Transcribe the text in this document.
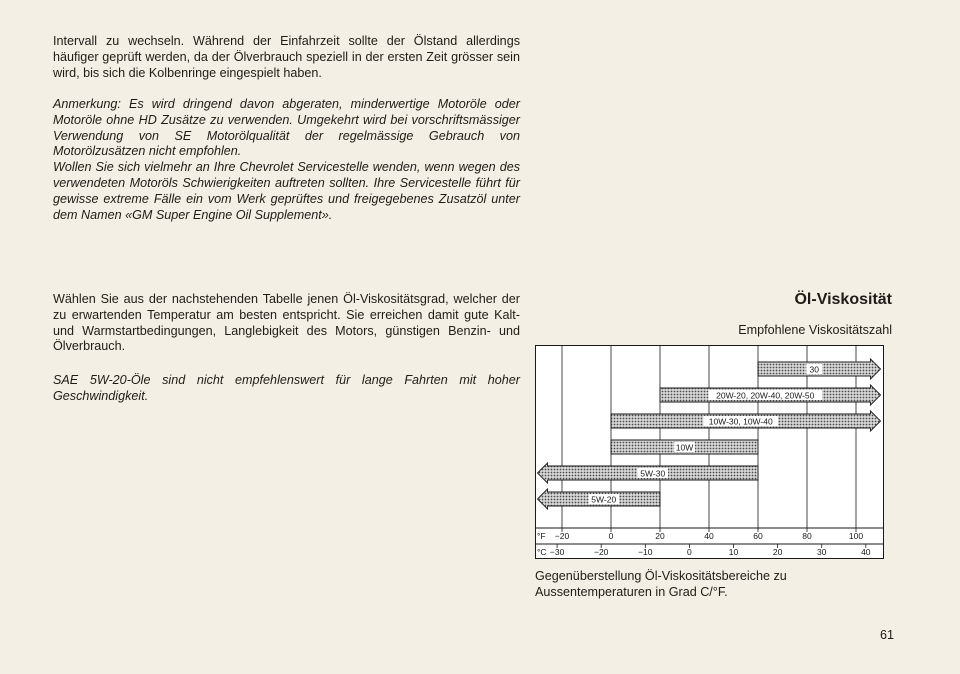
Intervall zu wechseln. Während der Einfahrzeit sollte der Ölstand allerdings häufiger geprüft werden, da der Ölverbrauch speziell in der ersten Zeit grösser sein wird, bis sich die Kolbenringe eingespielt haben.

Anmerkung: Es wird dringend davon abgeraten, minderwertige Motoröle oder Motoröle ohne HD Zusätze zu verwenden. Umgekehrt wird bei vorschriftsmässiger Verwendung von SE Motorölqualität der regelmässige Gebrauch von Motorölzusätzen nicht empfohlen.
Wollen Sie sich vielmehr an Ihre Chevrolet Servicestelle wenden, wenn wegen des verwendeten Motoröls Schwierigkeiten auftreten sollten. Ihre Servicestelle führt für gewisse extreme Fälle ein vom Werk geprüftes und freigegebenes Zusatzöl unter dem Namen «GM Super Engine Oil Supplement».

Wählen Sie aus der nachstehenden Tabelle jenen Öl-Viskositätsgrad, welcher der zu erwartenden Temperatur am besten entspricht. Sie erreichen damit gute Kalt- und Warmstartbedingungen, Langlebigkeit des Motors, günstigen Benzin- und Ölverbrauch.

SAE 5W-20-Öle sind nicht empfehlenswert für lange Fahrten mit hoher Geschwindigkeit.

Öl-Viskosität
Empfohlene Viskositätszahl
30
20W-20, 20W-40, 20W-50
10W-30, 10W-40
10W
5W-30
5W-20
°F
°C
−20	0	20	40	60	80	100
−30	−20	−10	0	10	20	30	40

Gegenüberstellung Öl-Viskositätsbereiche zu Aussentemperaturen in Grad C/°F.

61
